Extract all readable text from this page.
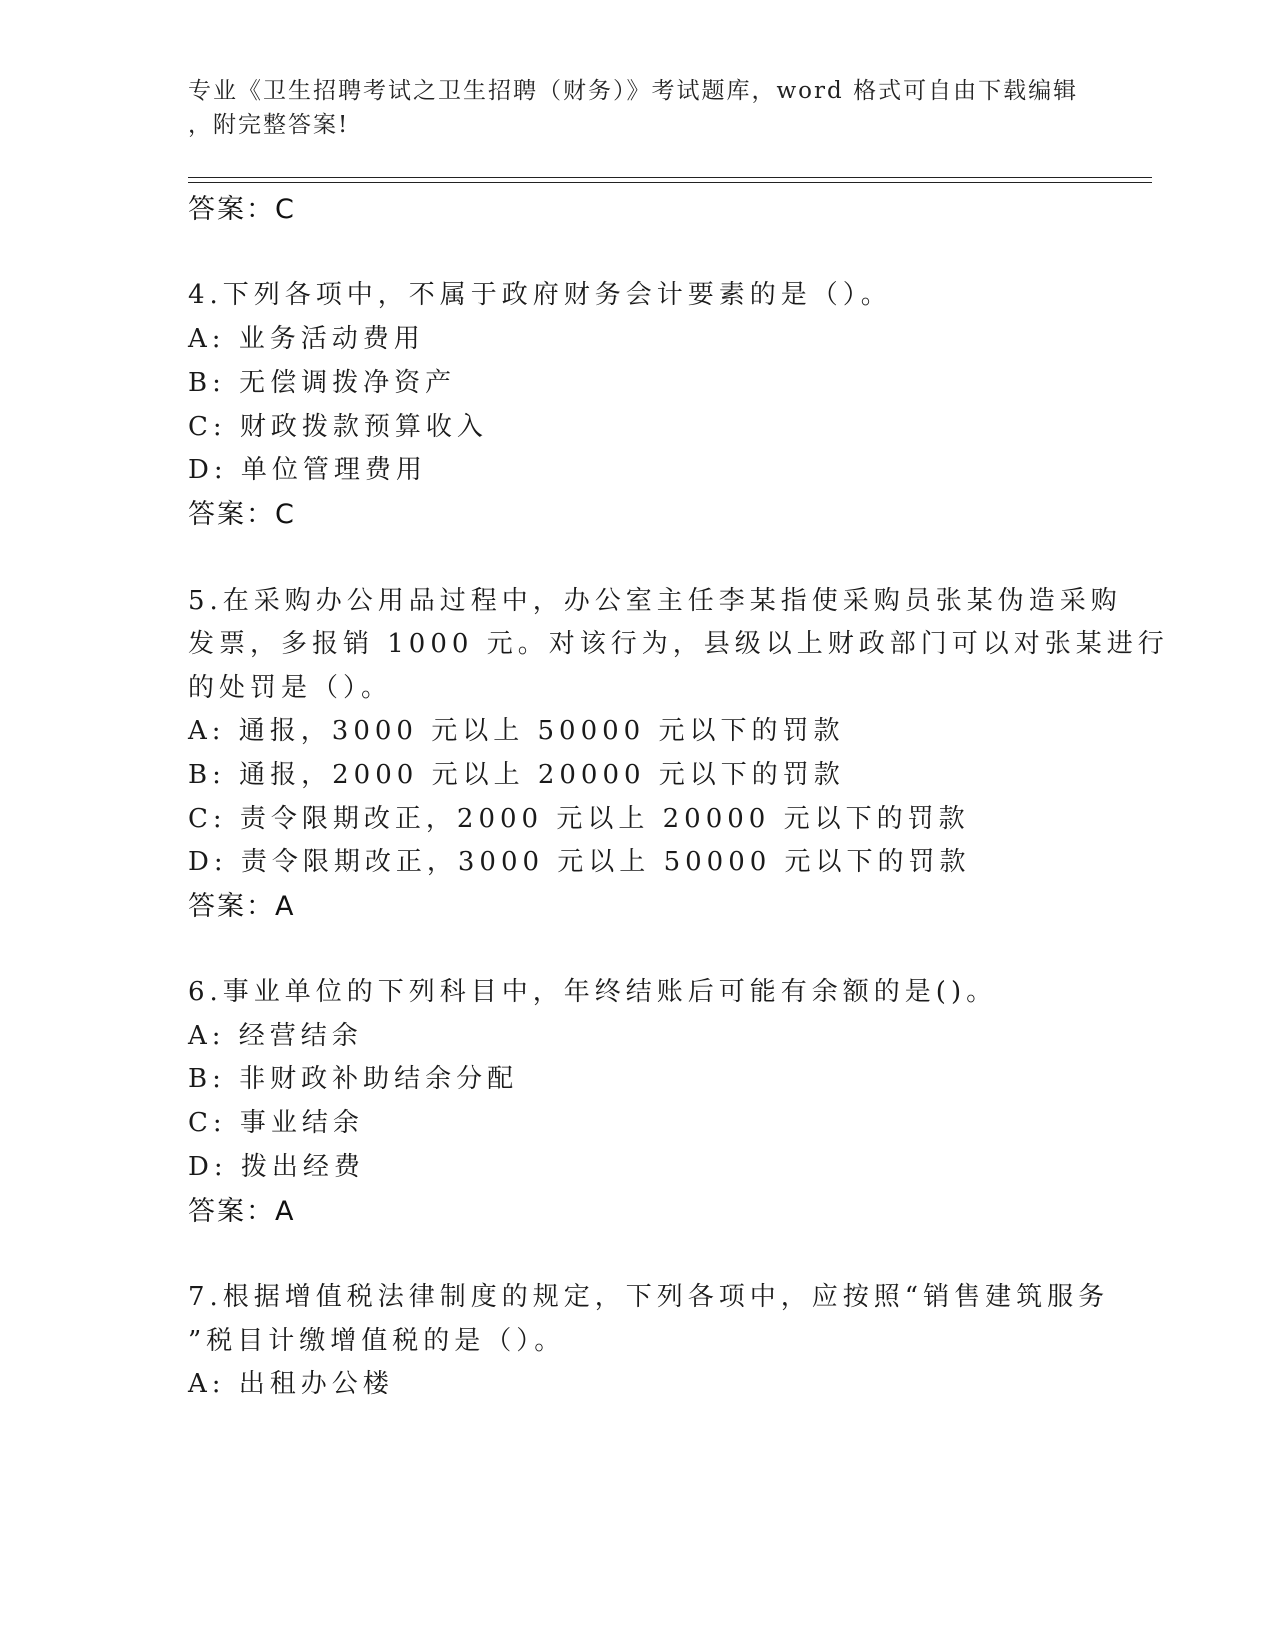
专业《卫生招聘考试之卫生招聘（财务）》考试题库，word 格式可自由下载编辑
，附完整答案!
答案：C
4.下列各项中，不属于政府财务会计要素的是（）。
A: 业务活动费用
B: 无偿调拨净资产
C: 财政拨款预算收入
D: 单位管理费用
答案：C
5.在采购办公用品过程中，办公室主任李某指使采购员张某伪造采购
发票，多报销 1000 元。对该行为，县级以上财政部门可以对张某进行
的处罚是（）。
A: 通报，3000 元以上 50000 元以下的罚款
B: 通报，2000 元以上 20000 元以下的罚款
C: 责令限期改正，2000 元以上 20000 元以下的罚款
D: 责令限期改正，3000 元以上 50000 元以下的罚款
答案：A
6.事业单位的下列科目中，年终结账后可能有余额的是()。
A: 经营结余
B: 非财政补助结余分配
C: 事业结余
D: 拨出经费
答案：A
7.根据增值税法律制度的规定，下列各项中，应按照“销售建筑服务
”税目计缴增值税的是（）。
A: 出租办公楼
